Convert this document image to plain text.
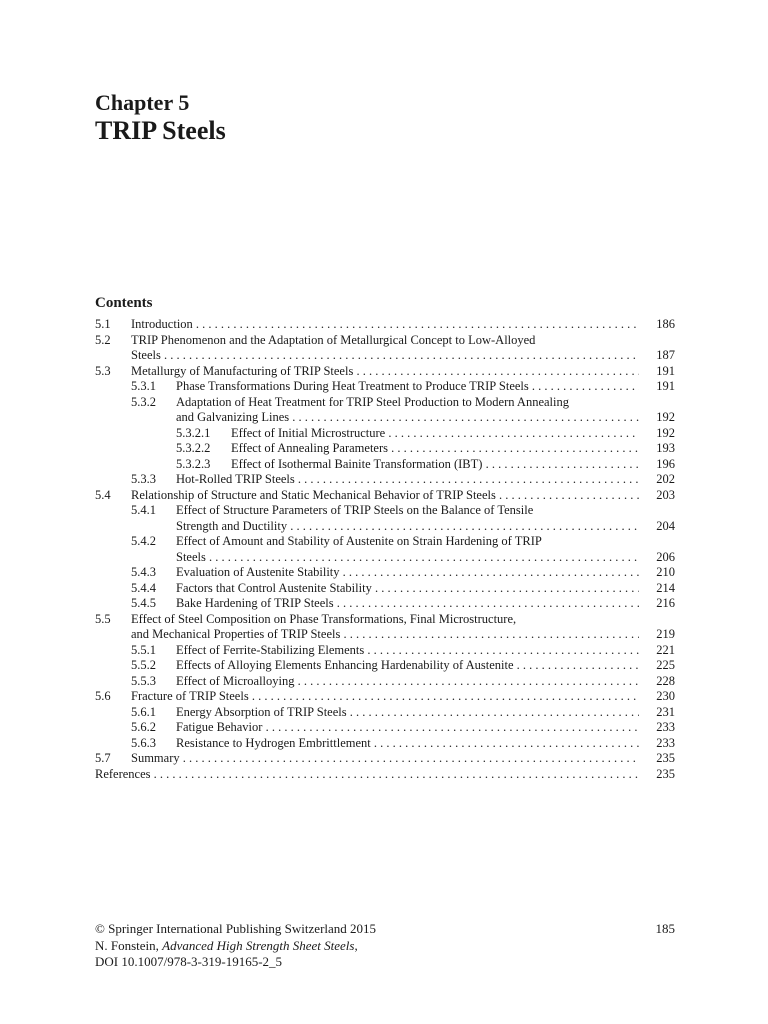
Chapter 5
TRIP Steels
Contents
5.1 Introduction . . .	186
5.2 TRIP Phenomenon and the Adaptation of Metallurgical Concept to Low-Alloyed
Steels . . .	187
5.3 Metallurgy of Manufacturing of TRIP Steels . . .	191
5.3.1 Phase Transformations During Heat Treatment to Produce TRIP Steels . . .	191
5.3.2 Adaptation of Heat Treatment for TRIP Steel Production to Modern Annealing
and Galvanizing Lines . . .	192
5.3.2.1 Effect of Initial Microstructure . . .	192
5.3.2.2 Effect of Annealing Parameters . . .	193
5.3.2.3 Effect of Isothermal Bainite Transformation (IBT) . . .	196
5.3.3 Hot-Rolled TRIP Steels . . .	202
5.4 Relationship of Structure and Static Mechanical Behavior of TRIP Steels . . .	203
5.4.1 Effect of Structure Parameters of TRIP Steels on the Balance of Tensile
Strength and Ductility . . .	204
5.4.2 Effect of Amount and Stability of Austenite on Strain Hardening of TRIP
Steels . . .	206
5.4.3 Evaluation of Austenite Stability . . .	210
5.4.4 Factors that Control Austenite Stability . . .	214
5.4.5 Bake Hardening of TRIP Steels . . .	216
5.5 Effect of Steel Composition on Phase Transformations, Final Microstructure,
and Mechanical Properties of TRIP Steels . . .	219
5.5.1 Effect of Ferrite-Stabilizing Elements . . .	221
5.5.2 Effects of Alloying Elements Enhancing Hardenability of Austenite . . .	225
5.5.3 Effect of Microalloying . . .	228
5.6 Fracture of TRIP Steels . . .	230
5.6.1 Energy Absorption of TRIP Steels . . .	231
5.6.2 Fatigue Behavior . . .	233
5.6.3 Resistance to Hydrogen Embrittlement . . .	233
5.7 Summary . . .	235
References . . .	235
© Springer International Publishing Switzerland 2015	185
N. Fonstein, Advanced High Strength Sheet Steels,
DOI 10.1007/978-3-319-19165-2_5
